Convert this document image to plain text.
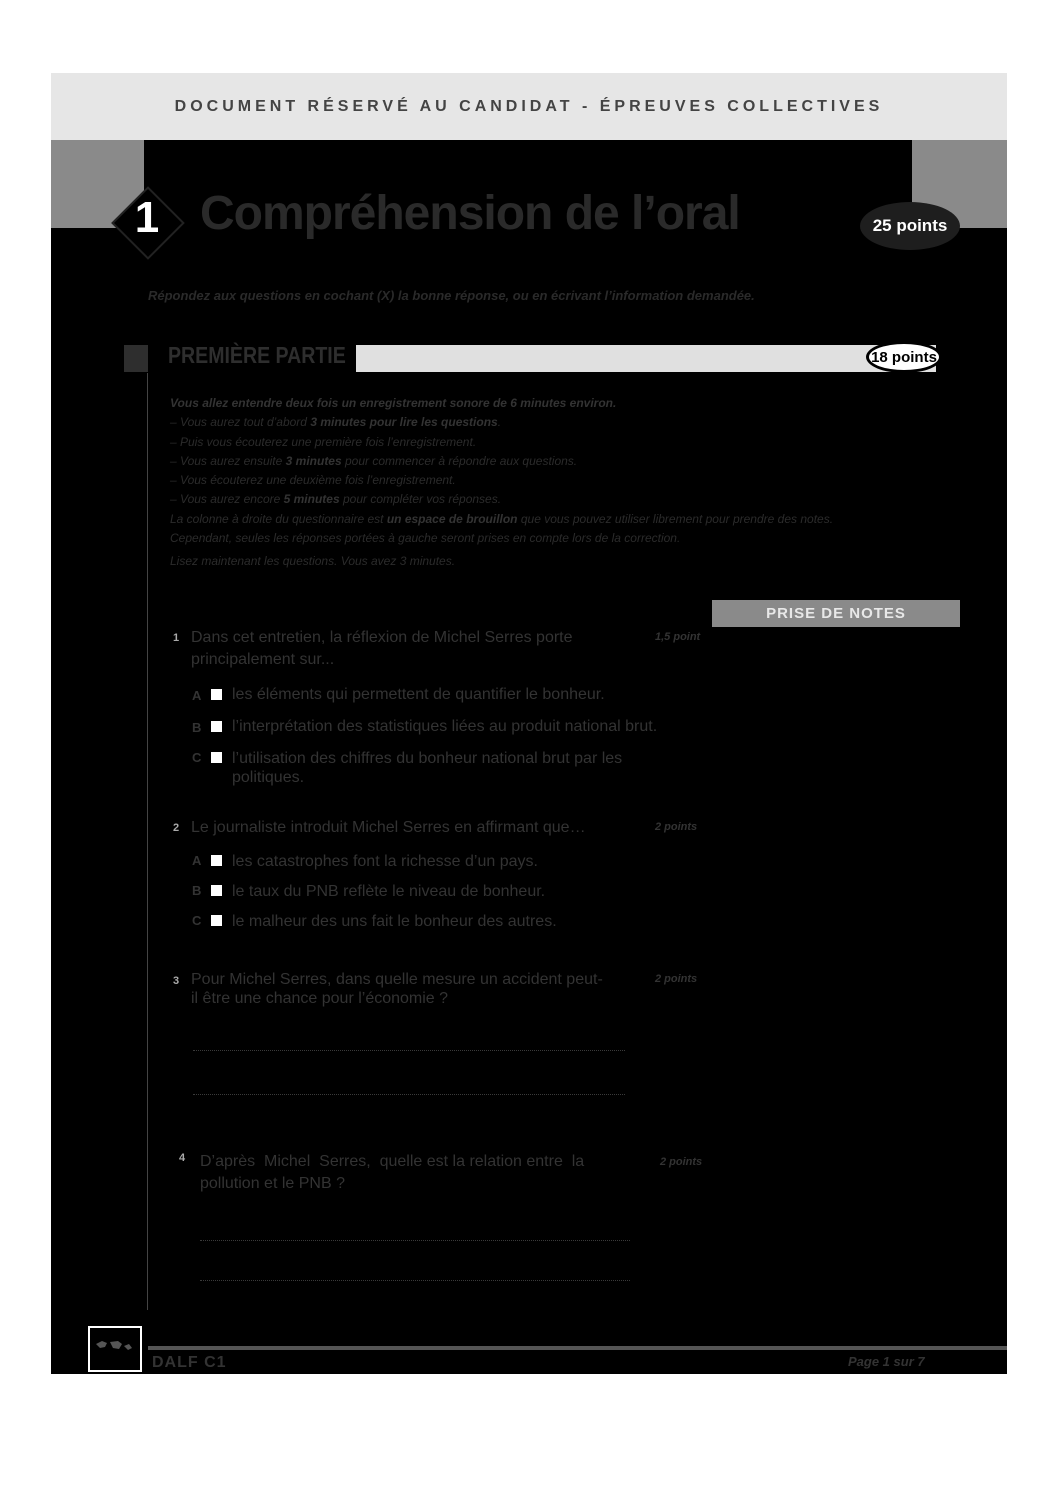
DOCUMENT RÉSERVÉ AU CANDIDAT - ÉPREUVES COLLECTIVES
1 Compréhension de l’oral	25 points
Répondez aux questions en cochant (X) la bonne réponse, ou en écrivant l’information demandée.
PREMIÈRE PARTIE	18 points
Vous allez entendre deux fois un enregistrement sonore de 6 minutes environ.
– Vous aurez tout d’abord 3 minutes pour lire les questions.
– Puis vous écouterez une première fois l’enregistrement.
– Vous aurez ensuite 3 minutes pour commencer à répondre aux questions.
– Vous écouterez une deuxième fois l’enregistrement.
– Vous aurez encore 5 minutes pour compléter vos réponses.
La colonne à droite du questionnaire est un espace de brouillon que vous pouvez utiliser librement pour prendre des notes.
Cependant, seules les réponses portées à gauche seront prises en compte lors de la correction.
Lisez maintenant les questions. Vous avez 3 minutes.
PRISE DE NOTES
1 Dans cet entretien, la réflexion de Michel Serres porte
principalement sur...
1,5 point
A les éléments qui permettent de quantifier le bonheur.
B l’interprétation des statistiques liées au produit national brut.
C l’utilisation des chiffres du bonheur national brut par les
politiques.
2 Le journaliste introduit Michel Serres en affirmant que…	2 points
A les catastrophes font la richesse d’un pays.
B le taux du PNB reflète le niveau de bonheur.
C le malheur des uns fait le bonheur des autres.
3 Pour Michel Serres, dans quelle mesure un accident peut-
il être une chance pour l’économie ?
2 points
4 D’après  Michel  Serres,  quelle est la relation entre  la
pollution et le PNB ?
2 points
DALF C1	Page 1 sur 7
